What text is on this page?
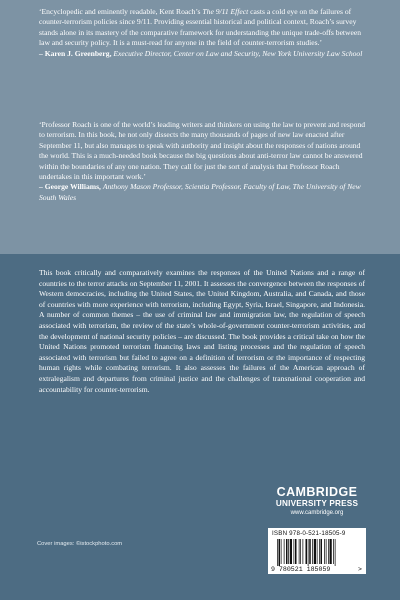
‘Encyclopedic and eminently readable, Kent Roach’s The 9/11 Effect casts a cold eye on the failures of counter-terrorism policies since 9/11. Providing essential historical and political context, Roach’s survey stands alone in its mastery of the comparative framework for understanding the unique trade-offs between law and security policy. It is a must-read for anyone in the field of counter-terrorism studies.’

– Karen J. Greenberg, Executive Director, Center on Law and Security, New York University Law School

‘Professor Roach is one of the world’s leading writers and thinkers on using the law to prevent and respond to terrorism. In this book, he not only dissects the many thousands of pages of new law enacted after September 11, but also manages to speak with authority and insight about the responses of nations around the world. This is a much-needed book because the big questions about anti-terror law cannot be answered within the boundaries of any one nation. They call for just the sort of analysis that Professor Roach undertakes in this important work.’

– George Williams, Anthony Mason Professor, Scientia Professor, Faculty of Law, The University of New South Wales

This book critically and comparatively examines the responses of the United Nations and a range of countries to the terror attacks on September 11, 2001. It assesses the convergence between the responses of Western democracies, including the United States, the United Kingdom, Australia, and Canada, and those of countries with more experience with terrorism, including Egypt, Syria, Israel, Singapore, and Indonesia. A number of common themes – the use of criminal law and immigration law, the regulation of speech associated with terrorism, the review of the state’s whole-of-government counter-terrorism activities, and the development of national security policies – are discussed. The book provides a critical take on how the United Nations promoted terrorism financing laws and listing processes and the regulation of speech associated with terrorism but failed to agree on a definition of terrorism or the importance of respecting human rights while combating terrorism. It also assesses the failures of the American approach of extralegalism and departures from criminal justice and the challenges of transnational cooperation and accountability for counter-terrorism.

Cover images: ©istockphoto.com
CAMBRIDGE
UNIVERSITY PRESS
www.cambridge.org
ISBN 978-0-521-18505-9
9 780521 185059	>
